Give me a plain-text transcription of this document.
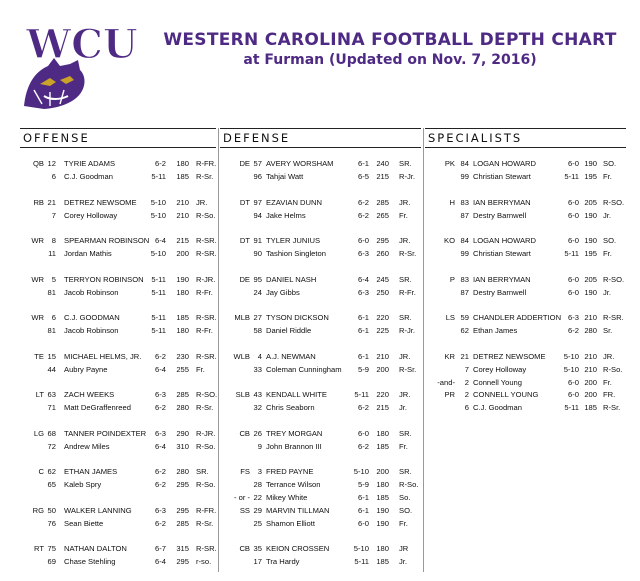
WCU	WESTERN CAROLINA FOOTBALL DEPTH CHART
at Furman (Updated on Nov. 7, 2016)
OFFENSE
QB 12 TYRIE ADAMS	6-2	180 R-FR.
6 C.J. Goodman	5-11	185 R-Sr.
RB 21 DETREZ NEWSOME	5-10	210 JR.
7 Corey Holloway	5-10	210 R-So.
WR	8 SPEARMAN ROBINSON 6-4	215 R-SR.
11 Jordan Mathis	5-10	200 R-SR.
WR	5 TERRYON ROBINSON	5-11	190 R-JR.
81 Jacob Robinson	5-11	180 R-Fr.
WR	6 C.J. GOODMAN	5-11	185 R-SR.
81 Jacob Robinson	5-11	180 R-Fr.
TE 15 MICHAEL HELMS, JR.	6-2	230 R-SR.
44 Aubry Payne	6-4	255 Fr.
LT 63 ZACH WEEKS	6-3	285 R-SO.
71 Matt DeGraffenreed	6-2	280 R-Sr.
LG 68 TANNER POINDEXTER	6-3	290 R-JR.
72 Andrew Miles	6-4	310 R-So.
C 62 ETHAN JAMES	6-2	280 SR.
65 Kaleb Spry	6-2	295 R-So.
RG 50 WALKER LANNING	6-3	295 R-FR.
76 Sean Biette	6-2	285 R-Sr.
RT 75 NATHAN DALTON	6-7	315 R-SR.
69 Chase Stehling	6-4	295 r-so.
DEFENSE
DE 57 AVERY WORSHAM	6-1 240 SR.
96 Tahjai Watt	6-5 215 R-Jr.
DT 97 EZAVIAN DUNN	6-2 285 JR.
94 Jake Helms	6-2 265 Fr.
DT 91 TYLER JUNIUS	6-0 295 JR.
90 Tashion Singleton	6-3 260 R-Sr.
DE 95 DANIEL NASH	6-4 245 SR.
24 Jay Gibbs	6-3 250 R-Fr.
MLB 27 TYSON DICKSON	6-1 220 SR.
58 Daniel Riddle	6-1 225 R-Jr.
WLB	4 A.J. NEWMAN	6-1 210 JR.
33 Coleman Cunningham	5-9 200 R-Sr.
SLB 43 KENDALL WHITE	5-11 220 JR.
32 Chris Seaborn	6-2 215 Jr.
CB 26 TREY MORGAN	6-0 180 SR.
9 John Brannon III	6-2 185 Fr.
FS	3 FRED PAYNE	5-10 200 SR.
28 Terrance Wilson	5-9 180 R-So.
- or - 22 Mikey White	6-1 185 So.
SS 29 MARVIN TILLMAN	6-1 190 SO.
25 Shamon Elliott	6-0 190 Fr.
CB 35 KEION CROSSEN	5-10 180 JR
17 Tra Hardy	5-11 185 Jr.
SPECIALISTS
PK 84 LOGAN HOWARD	6-0 190 SO.
99 Christian Stewart	5-11 195 Fr.
H 83 IAN BERRYMAN	6-0 205 R-SO.
87 Destry Barnwell	6-0 190 Jr.
KO 84 LOGAN HOWARD	6-0 190 SO.
99 Christian Stewart	5-11 195 Fr.
P 83 IAN BERRYMAN	6-0 205 R-SO.
87 Destry Barnwell	6-0 190 Jr.
LS 59 CHANDLER ADDERTION 6-3 210 R-SR.
62 Ethan James	6-2 280 Sr.
KR 21 DETREZ NEWSOME	5-10 210 JR.
7 Corey Holloway	5-10 210 R-So.
-and-	2 Connell Young	6-0 200 Fr.
PR	2 CONNELL YOUNG	6-0 200 FR.
6 C.J. Goodman	5-11 185 R-Sr.
